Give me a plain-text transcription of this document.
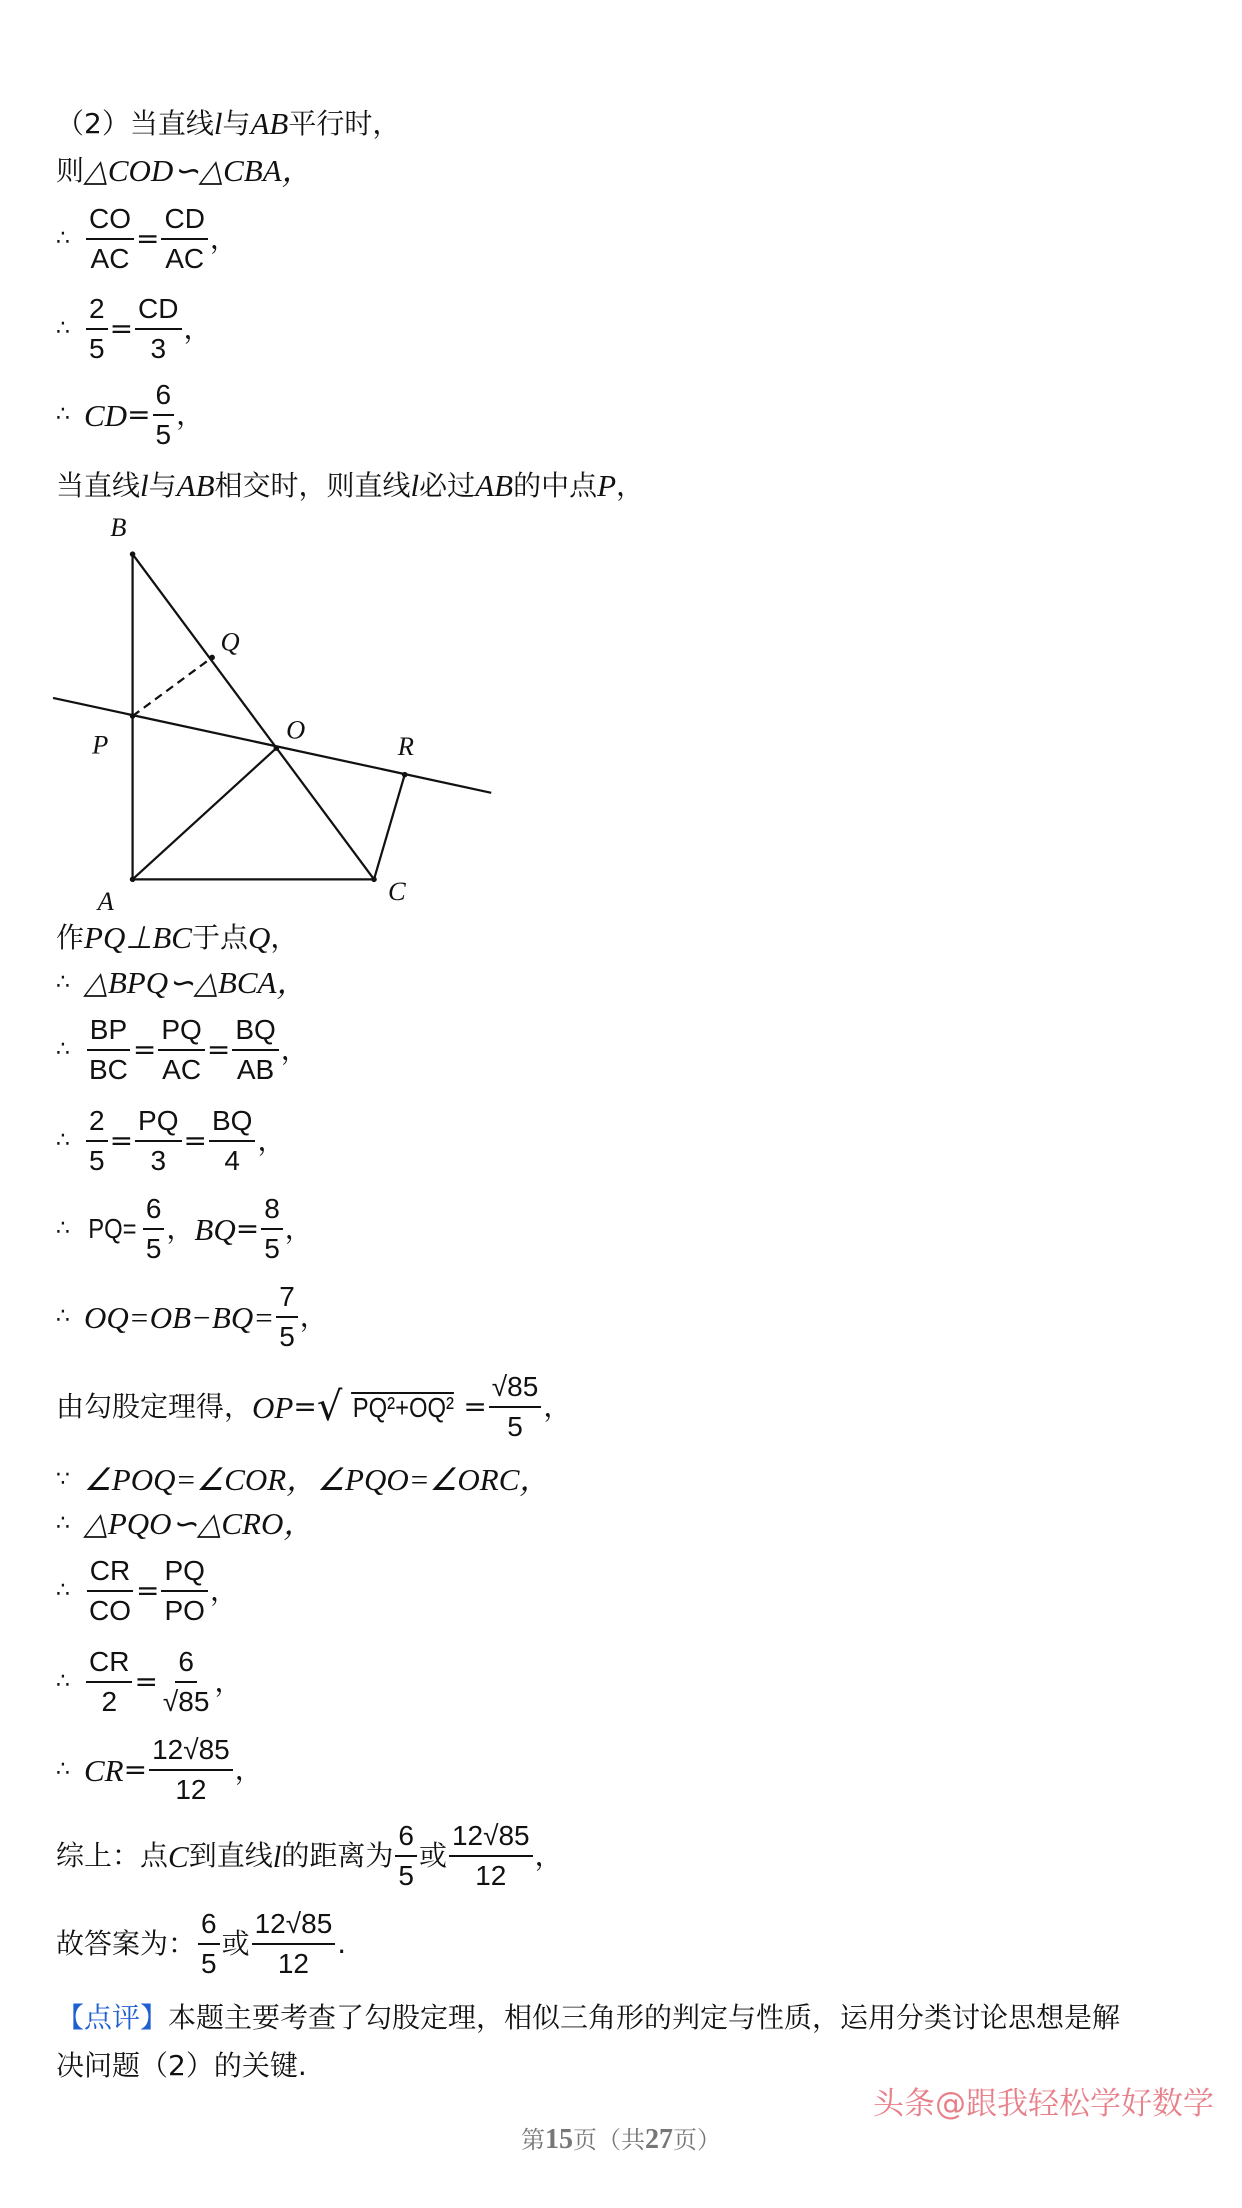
（2）当直线 l 与 AB 平行时，
则 △COD∽△CBA，
∴ $\frac{CO}{AC} = \frac{CD}{AC}$ ，
∴ $\frac{2}{5} = \frac{CD}{3}$ ，
∴ CD = $\frac{6}{5}$ ，
当直线 l 与 AB 相交时，则直线 l 必过 AB 的中点 P ，
B
Q
P
O
R
A	C
作 PQ⊥BC 于点 Q ，
∴ △BPQ∽△BCA，
∴ $\frac{BP}{BC} = \frac{PQ}{AC} = \frac{BQ}{AB}$ ，
∴ $\frac{2}{5} = \frac{PQ}{3} = \frac{BQ}{4}$ ，
∴ $PQ= \frac{6}{5}$ ， BQ = $\frac{8}{5}$ ，
∴ $OQ=OB-BQ= \frac{7}{5}$ ，
由勾股定理得， OP = √ $PQ^2+OQ^2 = \frac{√85}{5}$ ，
∵ ∠POQ=∠COR，∠PQO=∠ORC，
∴ △PQO∽△CRO，
∴ $\frac{CR}{CO} = \frac{PQ}{PO}$ ，
∴ $\frac{CR}{2} = \frac{6}{√85}$ ，
∴ CR = $\frac{12√85}{12}$ ，
综上：点 C 到直线 l 的距离为 $\frac{6}{5}$ 或 $\frac{12√85}{12}$ ，
故答案为： $\frac{6}{5}$ 或 $\frac{12√85}{12}$ .
【点评】 本题主要考查了勾股定理，相似三角形的判定与性质，运用分类讨论思想是解
决问题（2）的关键.
头条@跟我轻松学好数学
第15页（共27页）
